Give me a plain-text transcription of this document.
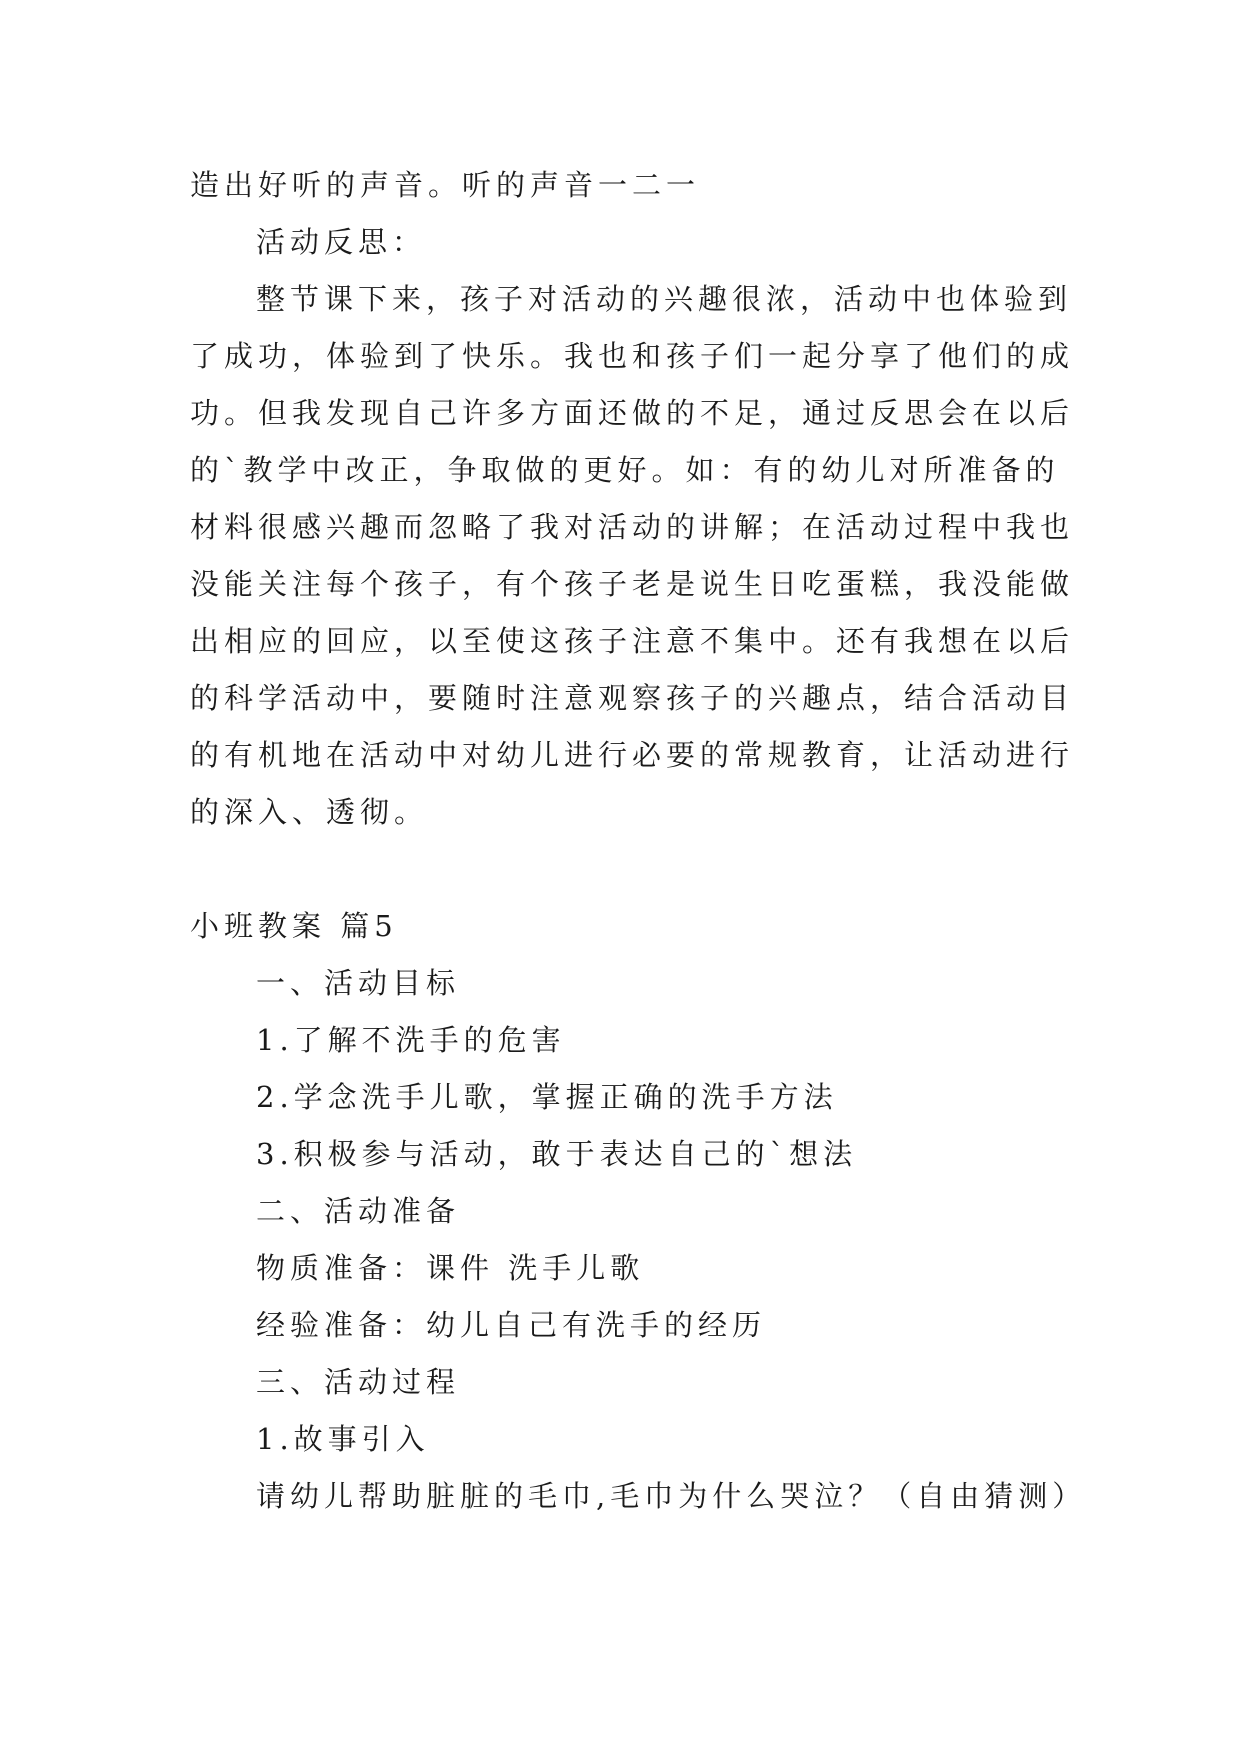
造出好听的声音。听的声音一二一
活动反思：
整节课下来，孩子对活动的兴趣很浓，活动中也体验到
了成功，体验到了快乐。我也和孩子们一起分享了他们的成
功。但我发现自己许多方面还做的不足，通过反思会在以后
的`教学中改正，争取做的更好。如：有的幼儿对所准备的
材料很感兴趣而忽略了我对活动的讲解；在活动过程中我也
没能关注每个孩子，有个孩子老是说生日吃蛋糕，我没能做
出相应的回应，以至使这孩子注意不集中。还有我想在以后
的科学活动中，要随时注意观察孩子的兴趣点，结合活动目
的有机地在活动中对幼儿进行必要的常规教育，让活动进行
的深入、透彻。
小班教案 篇5
一、活动目标
1.了解不洗手的危害
2.学念洗手儿歌，掌握正确的洗手方法
3.积极参与活动，敢于表达自己的`想法
二、活动准备
物质准备：课件 洗手儿歌
经验准备：幼儿自己有洗手的经历
三、活动过程
1.故事引入
请幼儿帮助脏脏的毛巾,毛巾为什么哭泣？（自由猜测）
